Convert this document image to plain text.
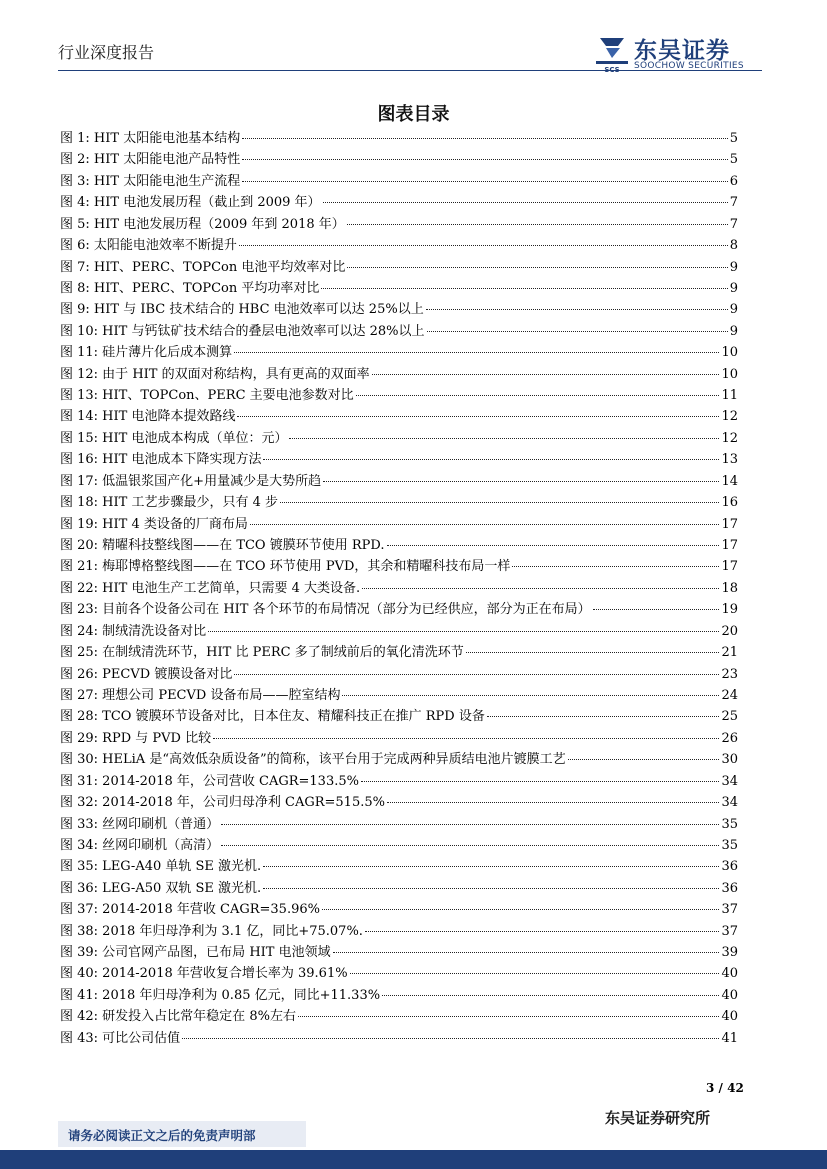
行业深度报告
SCS
东吴证券
SOOCHOW SECURITIES
图表目录
图 1: HIT 太阳能电池基本结构	5
图 2: HIT 太阳能电池产品特性	5
图 3: HIT 太阳能电池生产流程	6
图 4: HIT 电池发展历程（截止到 2009 年）	7
图 5: HIT 电池发展历程（2009 年到 2018 年）	7
图 6: 太阳能电池效率不断提升	8
图 7: HIT、PERC、TOPCon 电池平均效率对比	9
图 8: HIT、PERC、TOPCon 平均功率对比	9
图 9: HIT 与 IBC 技术结合的 HBC 电池效率可以达 25%以上	9
图 10: HIT 与钙钛矿技术结合的叠层电池效率可以达 28%以上	9
图 11: 硅片薄片化后成本测算	10
图 12: 由于 HIT 的双面对称结构，具有更高的双面率	10
图 13: HIT、TOPCon、PERC 主要电池参数对比	11
图 14: HIT 电池降本提效路线	12
图 15: HIT 电池成本构成（单位：元）	12
图 16: HIT 电池成本下降实现方法	13
图 17: 低温银浆国产化+用量减少是大势所趋	14
图 18: HIT 工艺步骤最少，只有 4 步	16
图 19: HIT 4 类设备的厂商布局	17
图 20: 精曜科技整线图——在 TCO 镀膜环节使用 RPD.	17
图 21: 梅耶博格整线图——在 TCO 环节使用 PVD，其余和精曜科技布局一样	17
图 22: HIT 电池生产工艺简单，只需要 4 大类设备.	18
图 23: 目前各个设备公司在 HIT 各个环节的布局情况（部分为已经供应，部分为正在布局）	19
图 24: 制绒清洗设备对比	20
图 25: 在制绒清洗环节，HIT 比 PERC 多了制绒前后的氧化清洗环节	21
图 26: PECVD 镀膜设备对比	23
图 27: 理想公司 PECVD 设备布局——腔室结构	24
图 28: TCO 镀膜环节设备对比，日本住友、精耀科技正在推广 RPD 设备	25
图 29: RPD 与 PVD 比较	26
图 30: HELiA 是“高效低杂质设备”的简称，该平台用于完成两种异质结电池片镀膜工艺	30
图 31: 2014-2018 年，公司营收 CAGR=133.5%	34
图 32: 2014-2018 年，公司归母净利 CAGR=515.5%	34
图 33: 丝网印刷机（普通）	35
图 34: 丝网印刷机（高清）	35
图 35: LEG-A40 单轨 SE 激光机.	36
图 36: LEG-A50 双轨 SE 激光机.	36
图 37: 2014-2018 年营收 CAGR=35.96%	37
图 38: 2018 年归母净利为 3.1 亿，同比+75.07%.	37
图 39: 公司官网产品图，已布局 HIT 电池领域	39
图 40: 2014-2018 年营收复合增长率为 39.61%	40
图 41: 2018 年归母净利为 0.85 亿元，同比+11.33%	40
图 42: 研发投入占比常年稳定在 8%左右	40
图 43: 可比公司估值	41
3 / 42
东吴证券研究所
请务必阅读正文之后的免责声明部
